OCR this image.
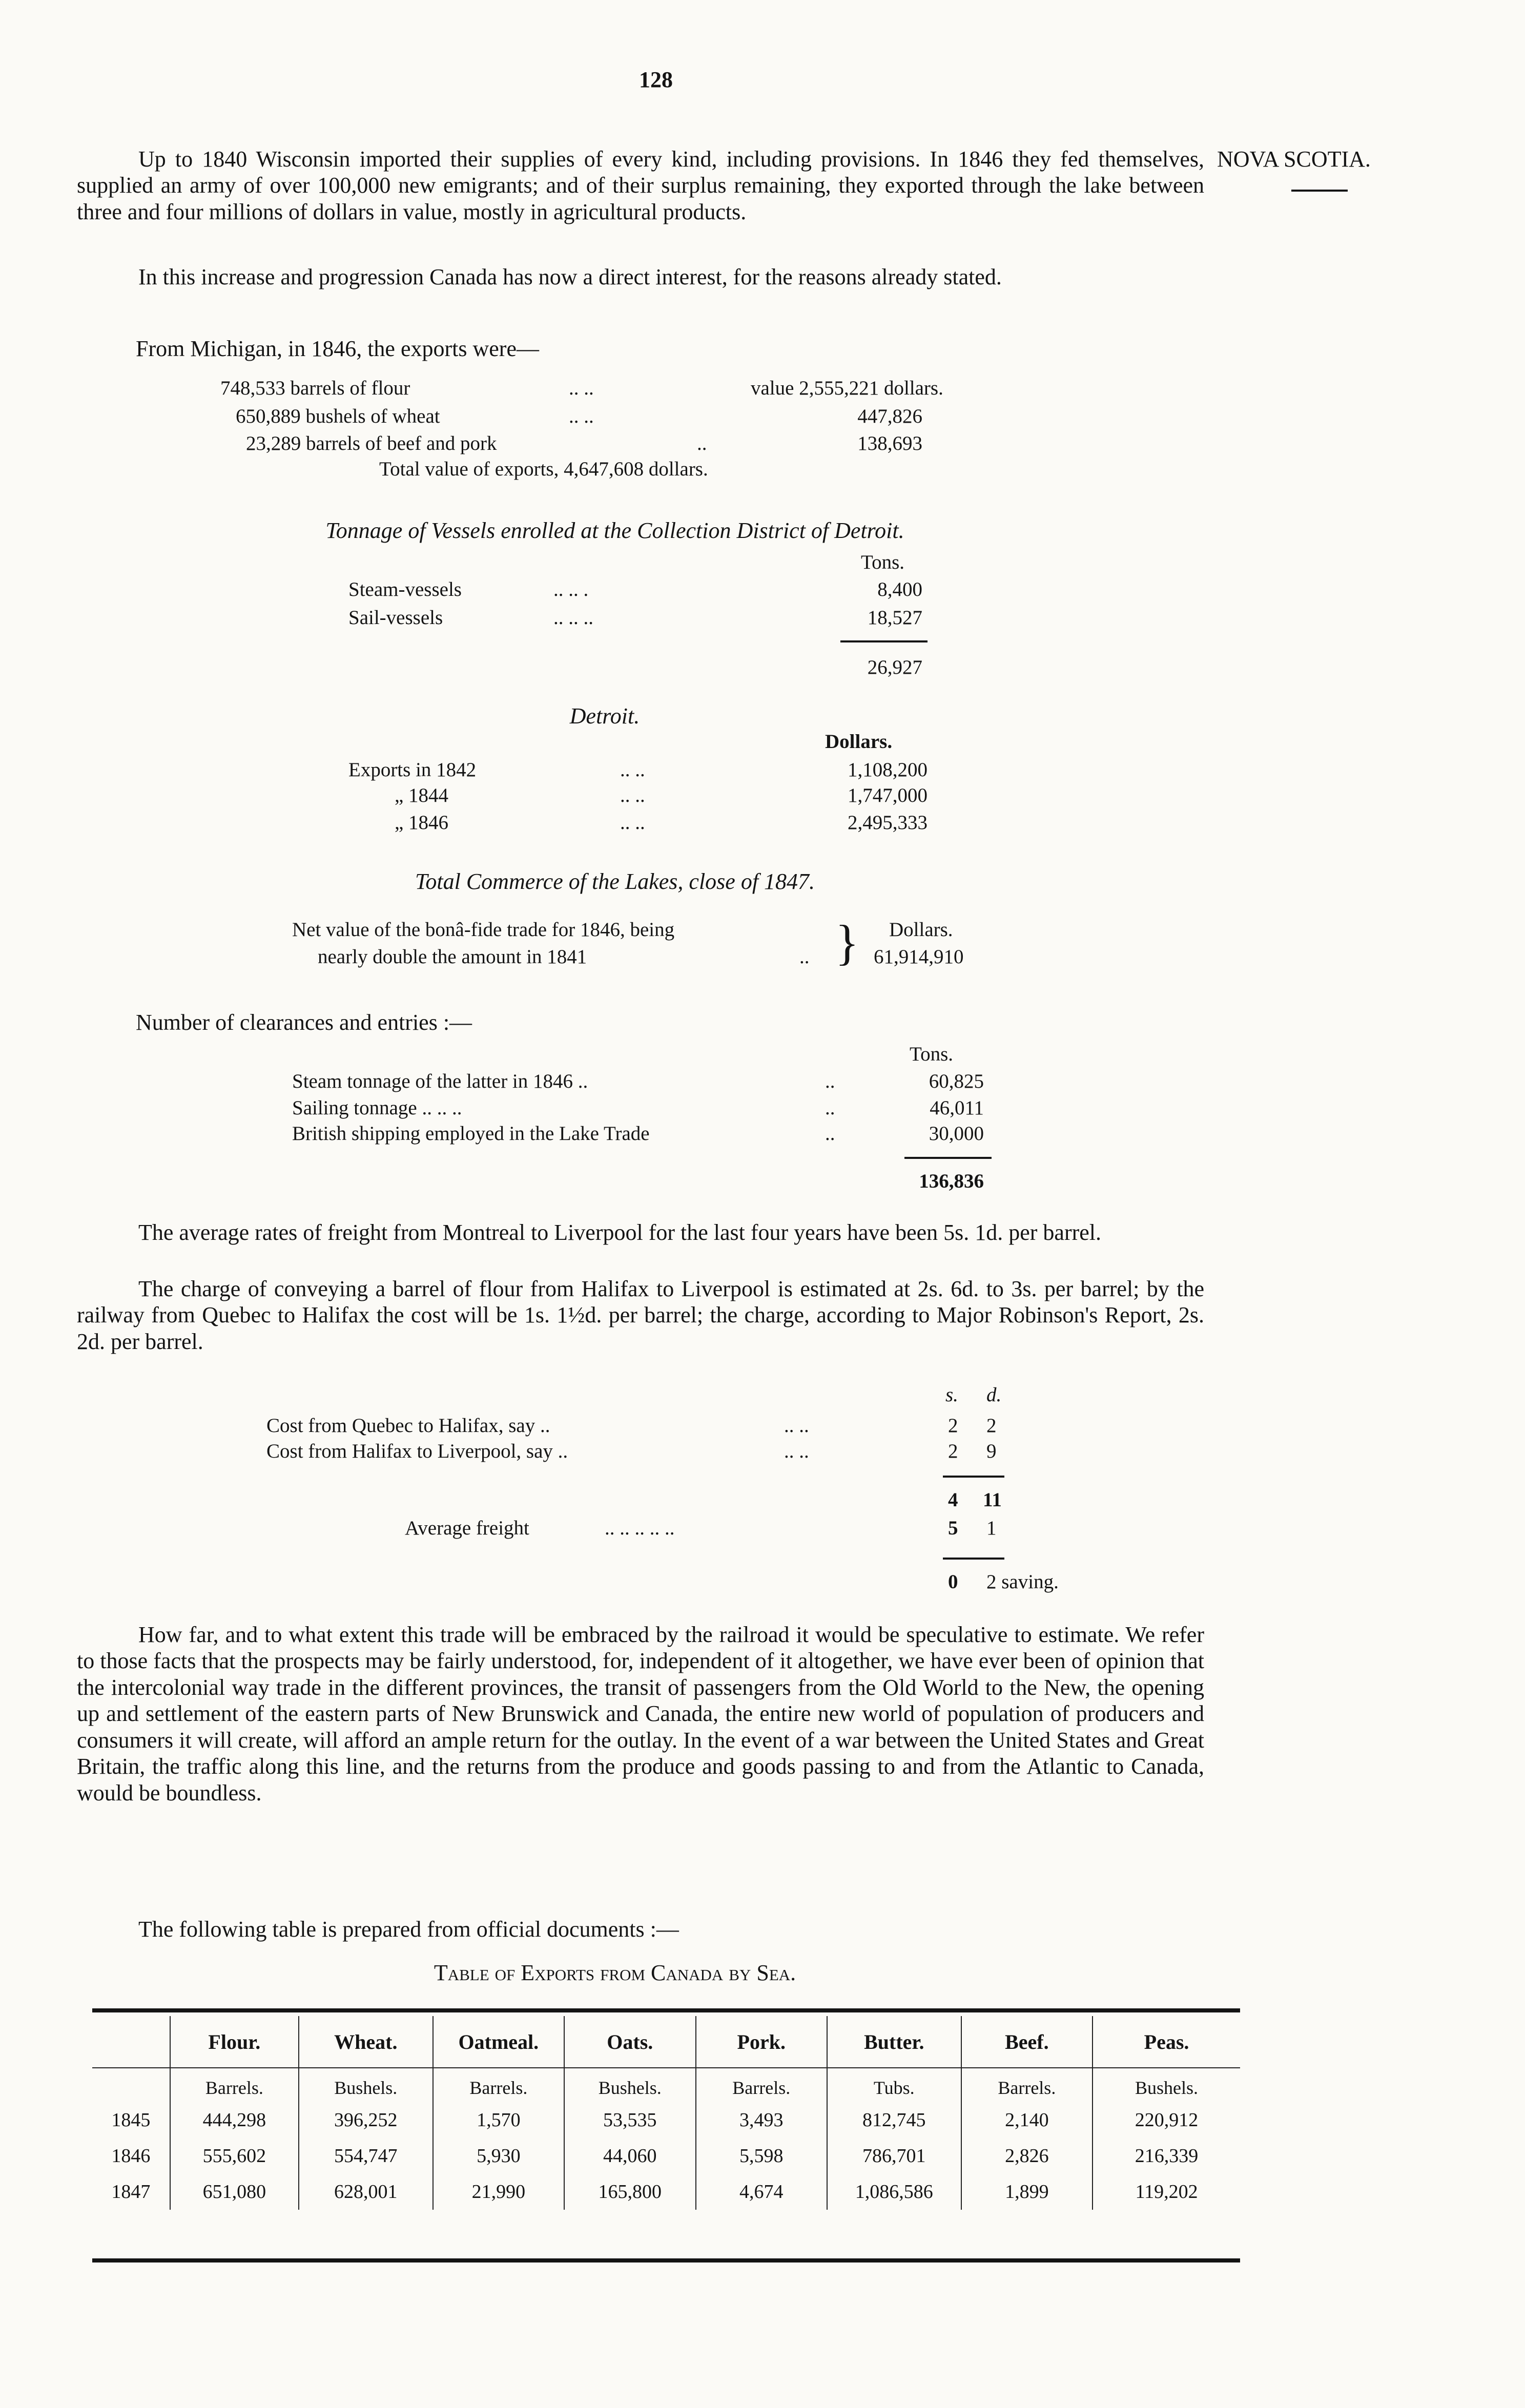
128
NOVA SCOTIA.
Up to 1840 Wisconsin imported their supplies of every kind, including provisions. In 1846 they fed themselves, supplied an army of over 100,000 new emigrants; and of their surplus remaining, they exported through the lake between three and four millions of dollars in value, mostly in agricultural products.
In this increase and progression Canada has now a direct interest, for the reasons already stated.
From Michigan, in 1846, the exports were—
748,533 barrels of flour	.. ..	value 2,555,221 dollars.
650,889 bushels of wheat	.. ..	447,826
23,289 barrels of beef and pork	..	138,693
Total value of exports, 4,647,608 dollars.
Tonnage of Vessels enrolled at the Collection District of Detroit.
Tons.
Steam-vessels	.. .. .	8,400
Sail-vessels	.. .. ..	18,527
26,927
Detroit.
Dollars.
Exports in 1842	.. ..	1,108,200
„ 1844	.. ..	1,747,000
„ 1846	.. ..	2,495,333
Total Commerce of the Lakes, close of 1847.
Net value of the bonâ-fide trade for 1846, being
nearly double the amount in 1841	.. } Dollars.
61,914,910
Number of clearances and entries :—
Tons.
Steam tonnage of the latter in 1846 ..	..	60,825
Sailing tonnage .. .. ..	..	46,011
British shipping employed in the Lake Trade	..	30,000
136,836
The average rates of freight from Montreal to Liverpool for the last four years have been 5s. 1d. per barrel.
The charge of conveying a barrel of flour from Halifax to Liverpool is estimated at 2s. 6d. to 3s. per barrel; by the railway from Quebec to Halifax the cost will be 1s. 1½d. per barrel; the charge, according to Major Robinson's Report, 2s. 2d. per barrel.
s. d.
Cost from Quebec to Halifax, say ..	.. ..	2 2
Cost from Halifax to Liverpool, say ..	.. ..	2 9
4 11
Average freight	.. .. .. .. ..	5 1
0 2 saving.
How far, and to what extent this trade will be embraced by the railroad it would be speculative to estimate. We refer to those facts that the prospects may be fairly understood, for, independent of it altogether, we have ever been of opinion that the intercolonial way trade in the different provinces, the transit of passengers from the Old World to the New, the opening up and settlement of the eastern parts of New Brunswick and Canada, the entire new world of population of producers and consumers it will create, will afford an ample return for the outlay. In the event of a war between the United States and Great Britain, the traffic along this line, and the returns from the produce and goods passing to and from the Atlantic to Canada, would be boundless.
The following table is prepared from official documents :—
Table of Exports from Canada by Sea.
	Flour.	Wheat.	Oatmeal.	Oats.	Pork.	Butter.	Beef.	Peas.
	Barrels.	Bushels.	Barrels.	Bushels.	Barrels.	Tubs.	Barrels.	Bushels.
1845	444,298	396,252	1,570	53,535	3,493	812,745	2,140	220,912
1846	555,602	554,747	5,930	44,060	5,598	786,701	2,826	216,339
1847	651,080	628,001	21,990	165,800	4,674	1,086,586	1,899	119,202
